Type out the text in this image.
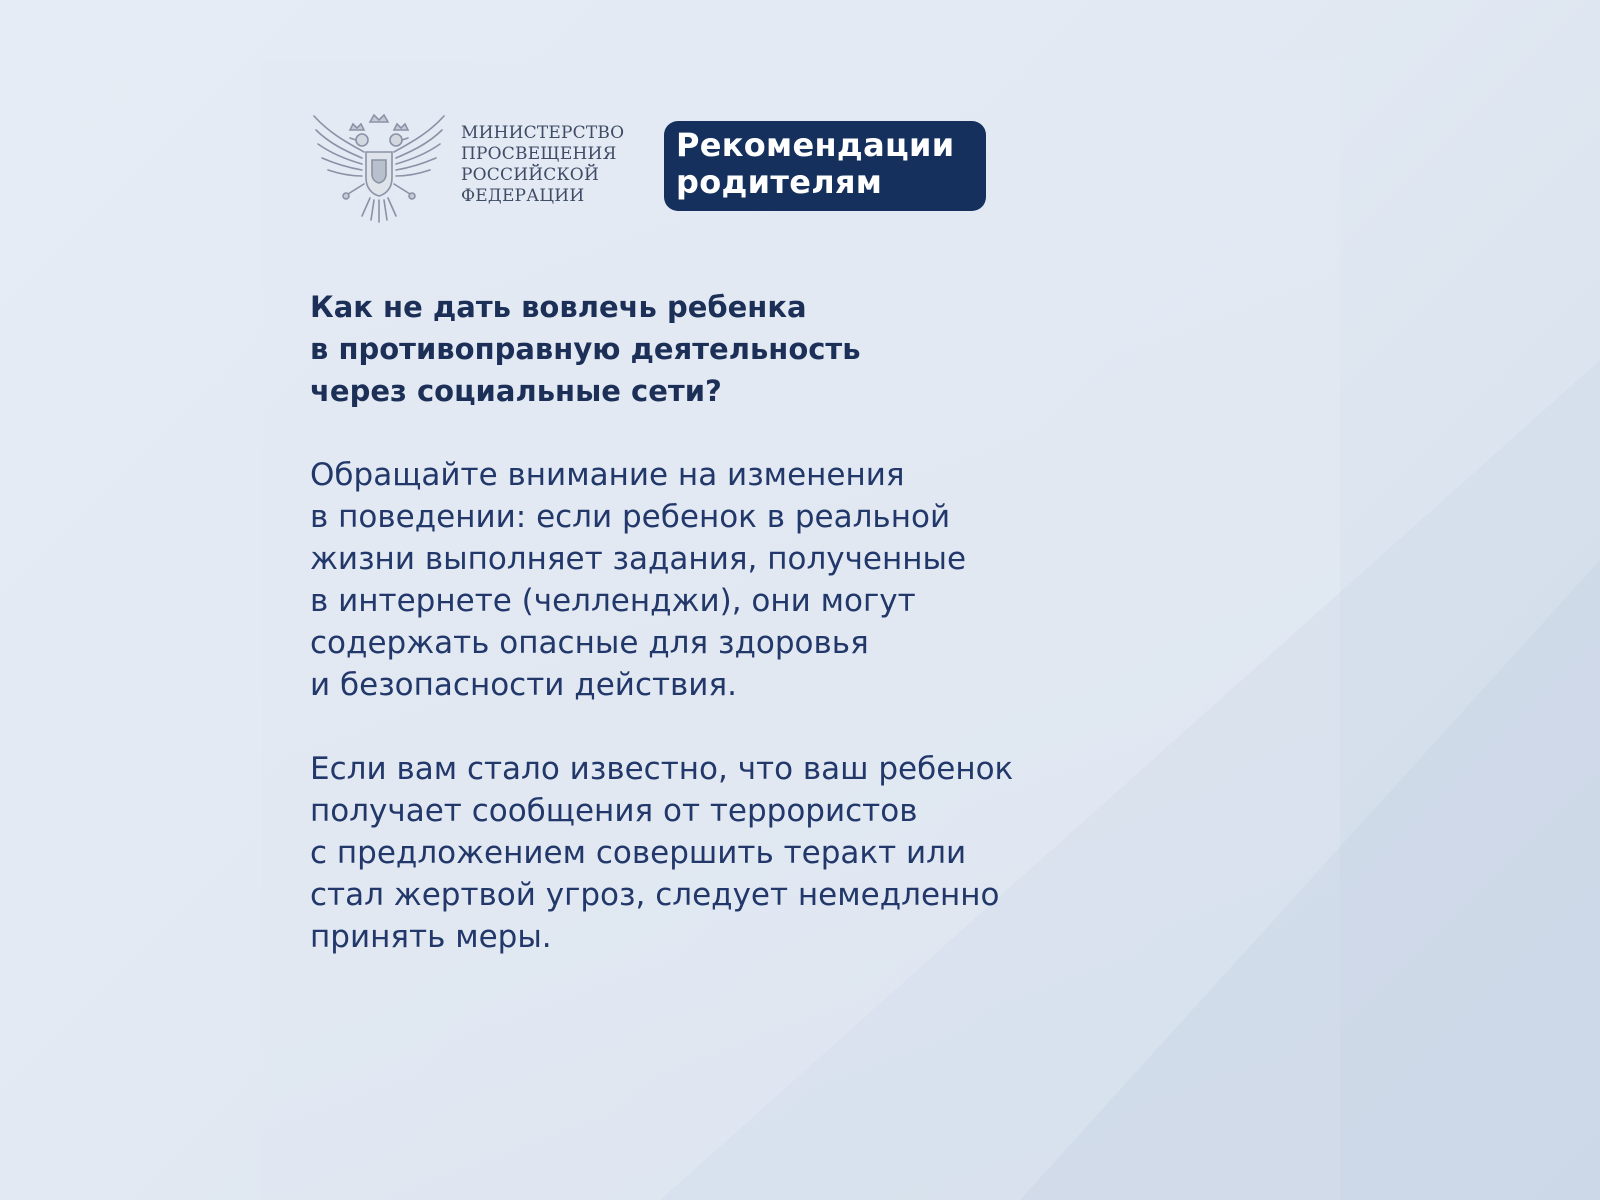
МИНИСТЕРСТВО
ПРОСВЕЩЕНИЯ
РОССИЙСКОЙ
ФЕДЕРАЦИИ
Рекомендации
родителям
Как не дать вовлечь ребенка
в противоправную деятельность
через социальные сети?
Обращайте внимание на изменения
в поведении: если ребенок в реальной
жизни выполняет задания, полученные
в интернете (челленджи), они могут
содержать опасные для здоровья
и безопасности действия.
Если вам стало известно, что ваш ребенок
получает сообщения от террористов
с предложением совершить теракт или
стал жертвой угроз, следует немедленно
принять меры.
